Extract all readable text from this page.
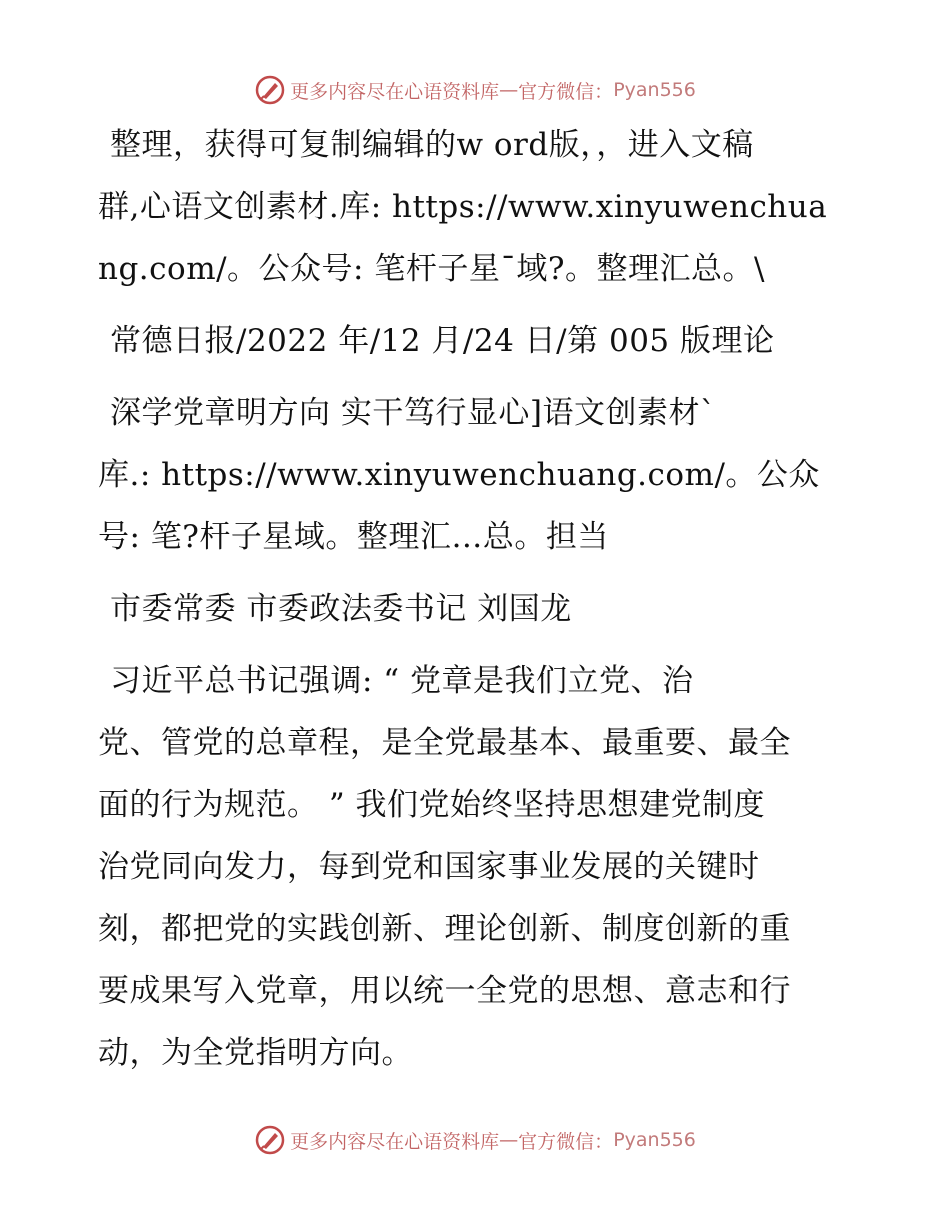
更多内容尽在心语资料库 — 官方微信： Pyan556
整理，获得可复制编辑的w ord版，，进入文稿
群,心语文创素材.库: https://www.xinyuwenchua
ng.com/。公众号: 笔杆子星¯域?。整理汇总。\
常德日报/2022 年/12 月/24 日/第 005 版理论
深学党章明方向 实干笃行显心]语文创素材`
库.: https://www.xinyuwenchuang.com/。公众
号: 笔?杆子星域。整理汇…总。担当
市委常委 市委政法委书记 刘国龙
习近平总书记强调: “ 党章是我们立党、治
党、管党的总章程，是全党最基本、最重要、最全
面的行为规范。 ” 我们党始终坚持思想建党制度
治党同向发力，每到党和国家事业发展的关键时
刻，都把党的实践创新、理论创新、制度创新的重
要成果写入党章，用以统一全党的思想、意志和行
动，为全党指明方向。
更多内容尽在心语资料库 — 官方微信： Pyan556
